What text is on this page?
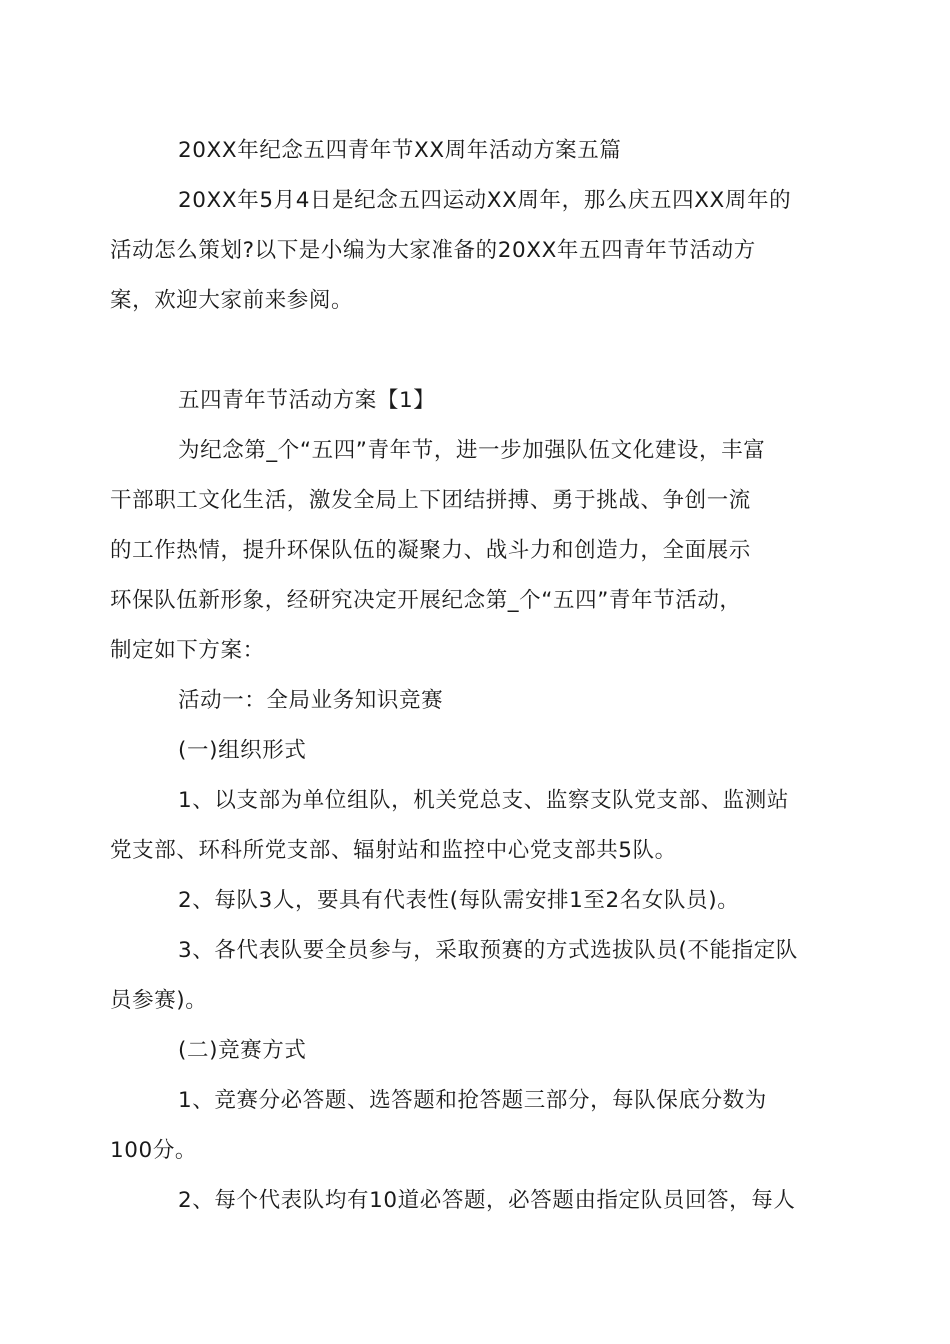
20XX年纪念五四青年节XX周年活动方案五篇

20XX年5月4日是纪念五四运动XX周年，那么庆五四XX周年的
活动怎么策划?以下是小编为大家准备的20XX年五四青年节活动方
案，欢迎大家前来参阅。

五四青年节活动方案【1】

为纪念第_个“五四”青年节，进一步加强队伍文化建设，丰富
干部职工文化生活，激发全局上下团结拼搏、勇于挑战、争创一流
的工作热情，提升环保队伍的凝聚力、战斗力和创造力，全面展示
环保队伍新形象，经研究决定开展纪念第_个“五四”青年节活动，
制定如下方案：

活动一：全局业务知识竞赛

(一)组织形式

1、以支部为单位组队，机关党总支、监察支队党支部、监测站
党支部、环科所党支部、辐射站和监控中心党支部共5队。

2、每队3人，要具有代表性(每队需安排1至2名女队员)。

3、各代表队要全员参与，采取预赛的方式选拔队员(不能指定队
员参赛)。

(二)竞赛方式

1、竞赛分必答题、选答题和抢答题三部分，每队保底分数为
100分。

2、每个代表队均有10道必答题，必答题由指定队员回答，每人
